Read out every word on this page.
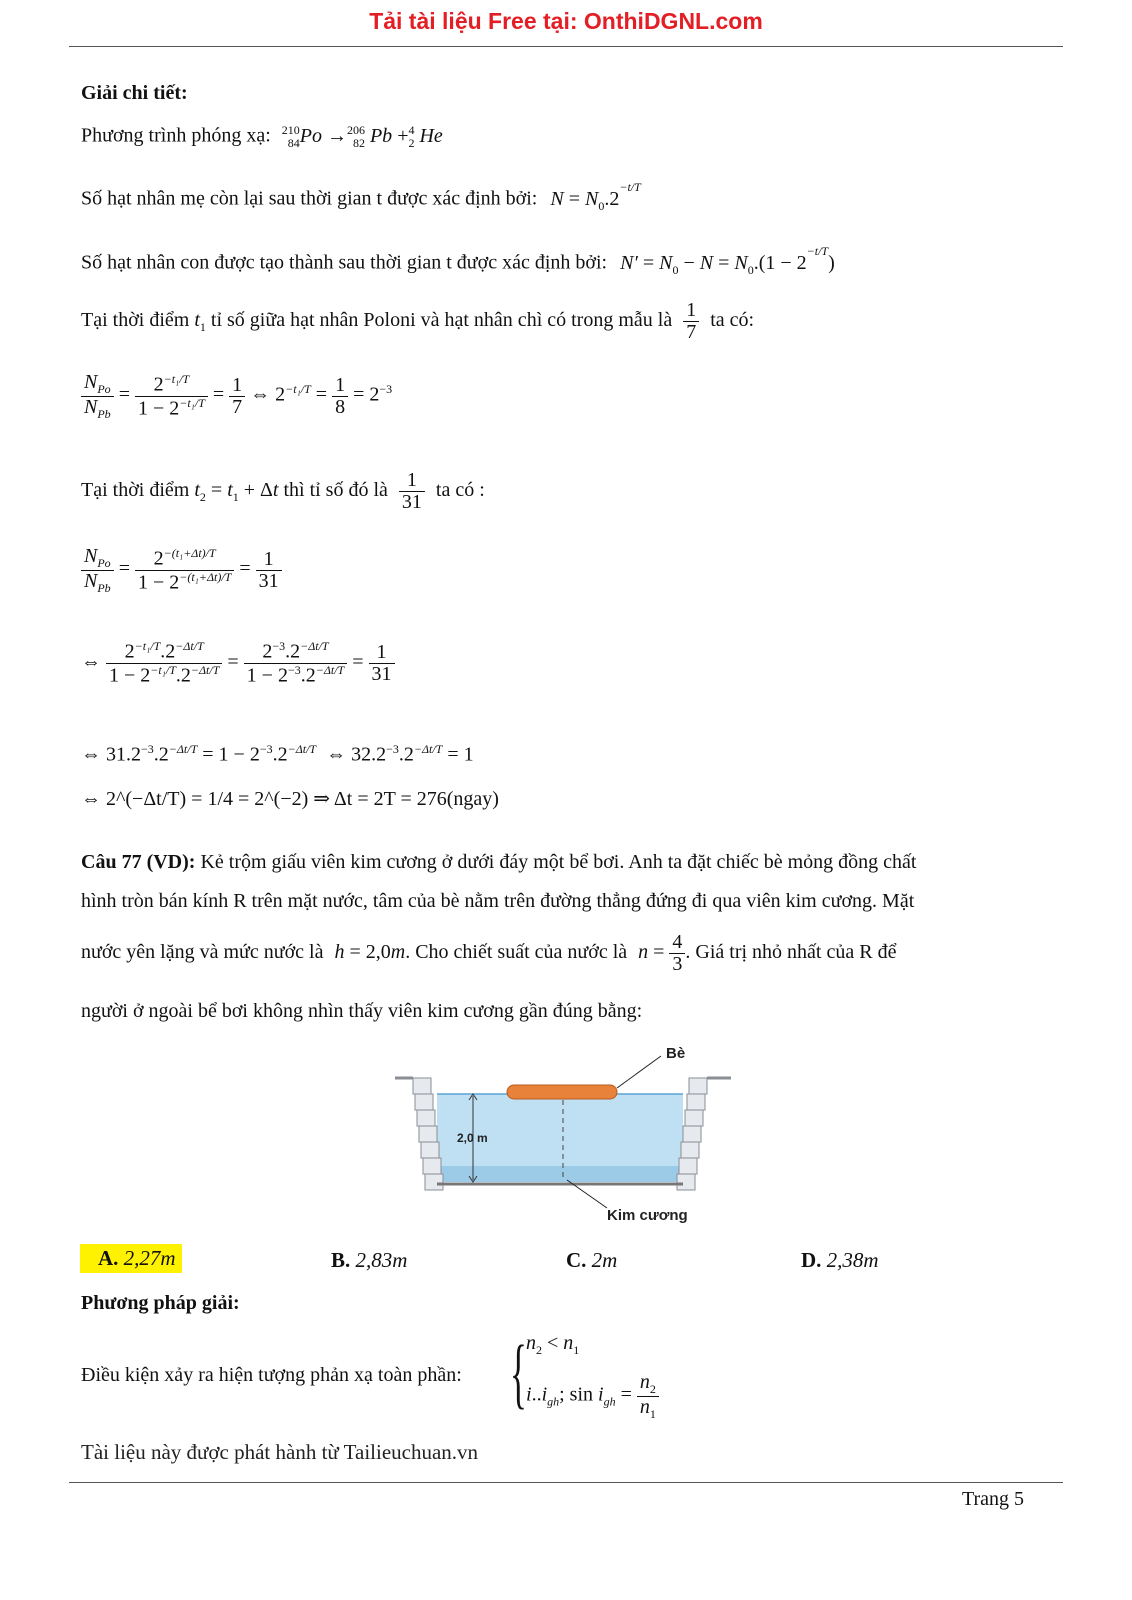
Tải tài liệu Free tại: OnthiDGNL.com
Giải chi tiết:
Phương trình phóng xạ: 210
84Po →206
82 Pb +4
2 He
Số hạt nhân mẹ còn lại sau thời gian t được xác định bởi: $N = N_0.2^{-t/T}$
Số hạt nhân con được tạo thành sau thời gian t được xác định bởi: $N' = N_0 - N = N_0.(1 - 2^{-t/T})$
Tại thời điểm $t_1$ tỉ số giữa hạt nhân Poloni và hạt nhân chì có trong mẫu là $\frac{1}{7}$ ta có:
$\frac{N_{Po}}{N_{Pb}} = \frac{2^{-t_1/T}}{1 - 2^{-t_1/T}} = \frac{1}{7}$ ⇔ $2^{-t_1/T} = \frac{1}{8} = 2^{-3}$
Tại thời điểm $t_2 = t_1 + \Delta t$ thì tỉ số đó là $\frac{1}{31}$ ta có :
$\frac{N_{Po}}{N_{Pb}} = \frac{2^{-(t_1+\Delta t)/T}}{1 - 2^{-(t_1+\Delta t)/T}} = \frac{1}{31}$
⇔ $\frac{2^{-t_1/T}.2^{-\Delta t/T}}{1 - 2^{-t_1/T}.2^{-\Delta t/T}} = \frac{2^{-3}.2^{-\Delta t/T}}{1 - 2^{-3}.2^{-\Delta t/T}} = \frac{1}{31}$
⇔ $31.2^{-3}.2^{-\Delta t/T} = 1 - 2^{-3}.2^{-\Delta t/T}$  ⇔ $32.2^{-3}.2^{-\Delta t/T} = 1$
⇔ 2^(−Δt/T) = 1/4 = 2^(−2) ⇒ Δt = 2T = 276(ngay)
Câu 77 (VD): Kẻ trộm giấu viên kim cương ở dưới đáy một bể bơi. Anh ta đặt chiếc bè mỏng đồng chất
hình tròn bán kính R trên mặt nước, tâm của bè nằm trên đường thẳng đứng đi qua viên kim cương. Mặt
nước yên lặng và mức nước là h = 2,0m. Cho chiết suất của nước là $n = \frac{4}{3}$ . Giá trị nhỏ nhất của R để
người ở ngoài bể bơi không nhìn thấy viên kim cương gần đúng bằng:
2,0 m
Bè
Kim cương
A. 2,27m	B. 2,83m	C. 2m	D. 2,38m
Phương pháp giải:
Điều kiện xảy ra hiện tượng phản xạ toàn phần: { $n_2 < n_1$
$i..i_{gh}$; $\sin i_{gh} = \frac{n_2}{n_1}$
Tài liệu này được phát hành từ Tailieuchuan.vn
Trang 5
